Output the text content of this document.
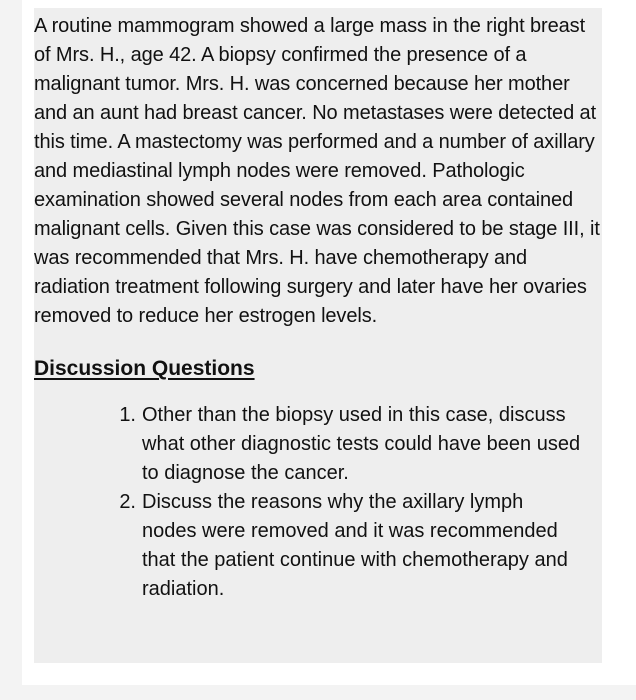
A routine mammogram showed a large mass in the right breast of Mrs. H., age 42. A biopsy confirmed the presence of a malignant tumor. Mrs. H. was concerned because her mother and an aunt had breast cancer. No metastases were detected at this time. A mastectomy was performed and a number of axillary and mediastinal lymph nodes were removed. Pathologic examination showed several nodes from each area contained malignant cells. Given this case was considered to be stage III, it was recommended that Mrs. H. have chemotherapy and radiation treatment following surgery and later have her ovaries removed to reduce her estrogen levels.

Discussion Questions
1. Other than the biopsy used in this case, discuss what other diagnostic tests could have been used to diagnose the cancer.
2. Discuss the reasons why the axillary lymph nodes were removed and it was recommended that the patient continue with chemotherapy and radiation.
